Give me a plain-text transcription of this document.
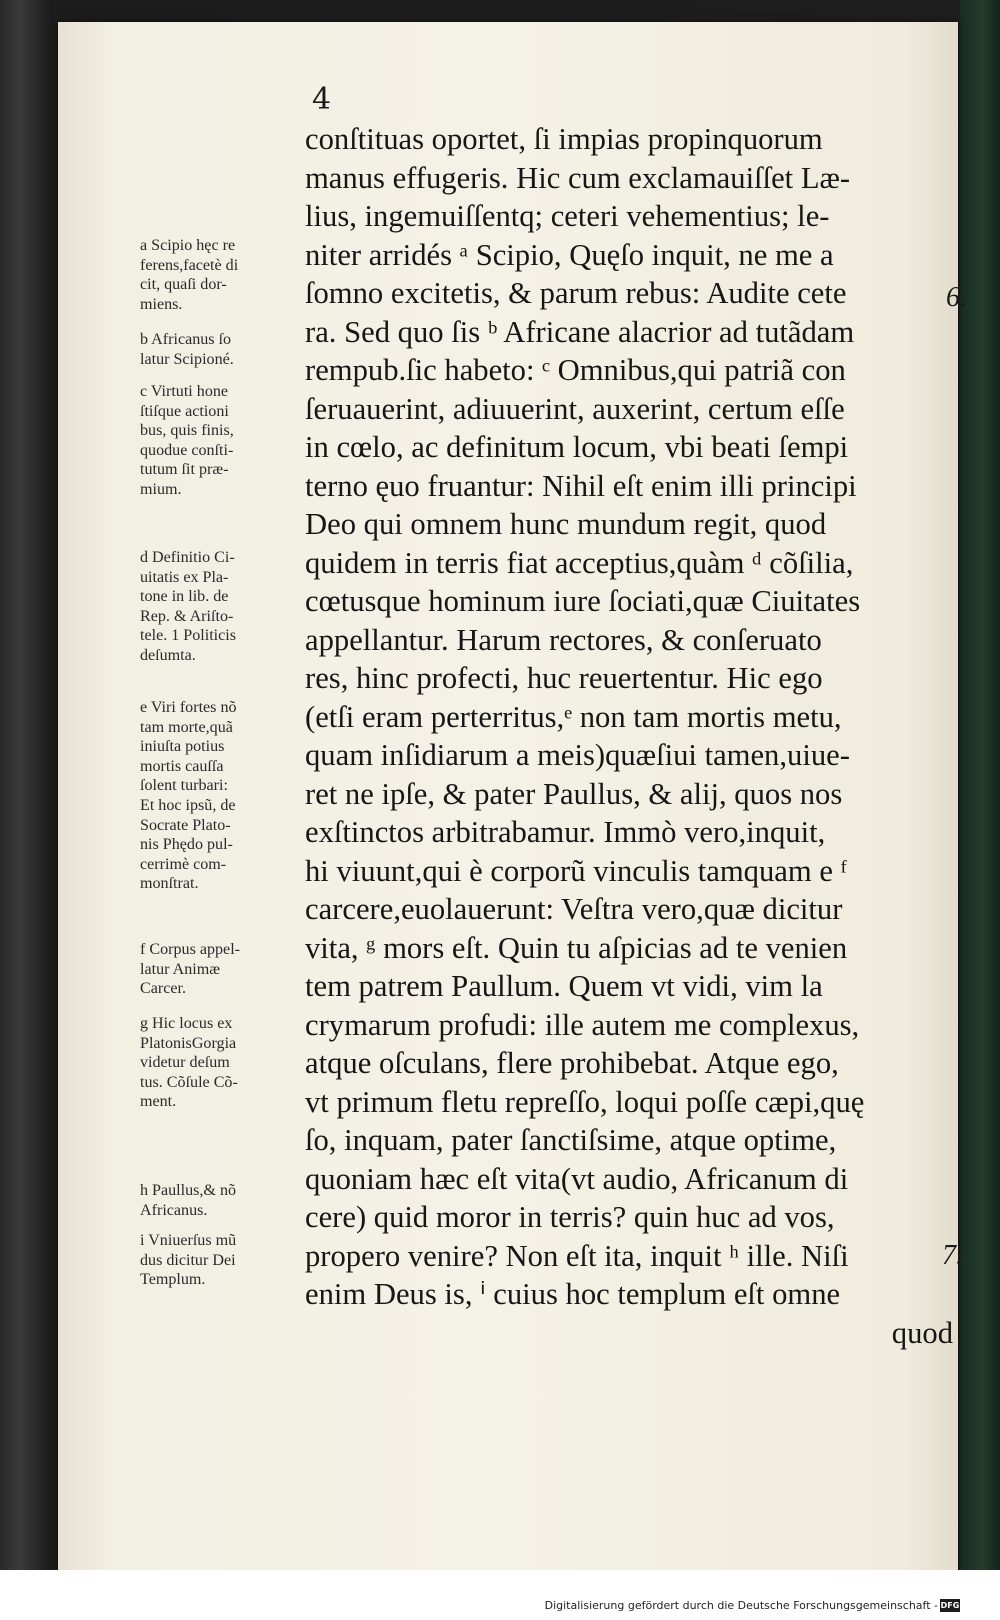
4
conſtituas oportet, ſi impias propinquorum
manus effugeris. Hic cum exclamauiſſet Læ-
lius, ingemuiſſentq; ceteri vehementius; le-
niter arridés ᵃ Scipio, Quęſo inquit, ne me a
ſomno excitetis, & parum rebus: Audite cete
ra. Sed quo ſis ᵇ Africane alacrior ad tutãdam
rempub.ſic habeto: ᶜ Omnibus,qui patriã con
ſeruauerint, adiuuerint, auxerint, certum eſſe
in cœlo, ac definitum locum, vbi beati ſempi
terno ęuo fruantur: Nihil eſt enim illi principi
Deo qui omnem hunc mundum regit, quod
quidem in terris fiat acceptius,quàm ᵈ cõſilia,
cœtusque hominum iure ſociati,quæ Ciuitates
appellantur. Harum rectores, & conſeruato
res, hinc profecti, huc reuertentur. Hic ego
(etſi eram perterritus,ᵉ non tam mortis metu,
quam inſidiarum a meis)quæſiui tamen,uiue-
ret ne ipſe, & pater Paullus, & alij, quos nos
exſtinctos arbitrabamur. Immò vero,inquit,
hi viuunt,qui è corporũ vinculis tamquam e ᶠ
carcere,euolauerunt: Veſtra vero,quæ dicitur
vita, ᵍ mors eſt. Quin tu aſpicias ad te venien
tem patrem Paullum. Quem vt vidi, vim la
crymarum profudi: ille autem me complexus,
atque oſculans, flere prohibebat. Atque ego,
vt primum fletu repreſſo, loqui poſſe cæpi,quę
ſo, inquam, pater ſanctiſsime, atque optime,
quoniam hæc eſt vita(vt audio, Africanum di
cere) quid moror in terris? quin huc ad vos,
propero venire? Non eſt ita, inquit ʰ ille. Niſi
enim Deus is, ⁱ cuius hoc templum eſt omne
quod
a Scipio hęc re
ferens,facetè di
cit, quaſi dor-
miens.
b Africanus ſo
latur Scipioné.
c Virtuti hone
ſtiſque actioni
bus, quis finis,
quodue conſti-
tutum ſit præ-
mium.
d Definitio Ci-
uitatis ex Pla-
tone in lib. de
Rep. & Ariſto-
tele. 1 Politicis
deſumta.
e Viri fortes nõ
tam morte,quã
iniuſta potius
mortis cauſſa
ſolent turbari:
Et hoc ipsũ, de
Socrate Plato-
nis Phędo pul-
cerrimè com-
monſtrat.
f Corpus appel-
latur Animæ
Carcer.
g Hic locus ex
PlatonisGorgia
videtur deſum
tus. Cõſule Cõ-
ment.
h Paullus,& nõ
Africanus.
i Vniuerſus mũ
dus dicitur Dei
Templum.
6.
7.
Digitalisierung gefördert durch die Deutsche Forschungsgemeinschaft - DFG
